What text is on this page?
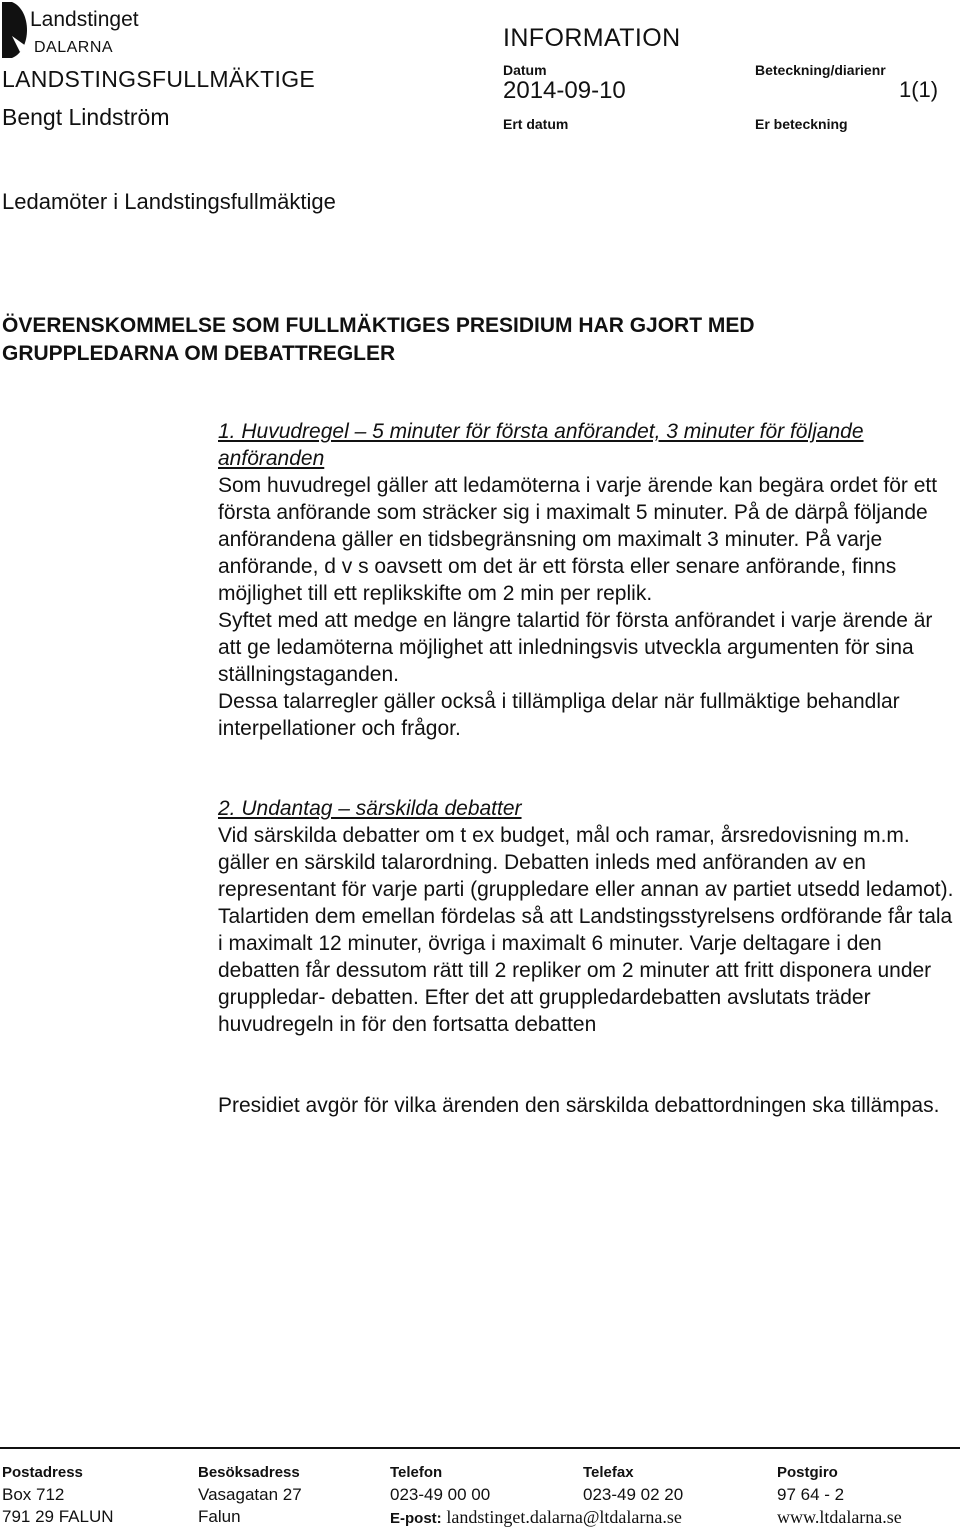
Landstinget
DALARNA
LANDSTINGSFULLMÄKTIGE
Bengt Lindström
INFORMATION
Datum
2014-09-10
Ert datum
Beteckning/diarienr
Er beteckning
1(1)
Ledamöter i Landstingsfullmäktige
ÖVERENSKOMMELSE SOM FULLMÄKTIGES PRESIDIUM HAR GJORT MED
GRUPPLEDARNA OM DEBATTREGLER

1. Huvudregel – 5 minuter för första anförandet, 3 minuter för följande anföranden

Som huvudregel gäller att ledamöterna i varje ärende kan begära ordet för ett första anförande som sträcker sig i maximalt 5 minuter. På de därpå följande anförandena gäller en tidsbegränsning om maximalt 3 minuter. På varje anförande, d v s oavsett om det är ett första eller senare anförande, finns möjlighet till ett replikskifte om 2 min per replik.

Syftet med att medge en längre talartid för första anförandet i varje ärende är att ge ledamöterna möjlighet att inledningsvis utveckla argumenten för sina ställningstaganden.

Dessa talarregler gäller också i tillämpliga delar när fullmäktige behandlar interpellationer och frågor.

2. Undantag – särskilda debatter

Vid särskilda debatter om t ex budget, mål och ramar, årsredovisning m.m. gäller en särskild talarordning. Debatten inleds med anföranden av en representant för varje parti (gruppledare eller annan av partiet utsedd ledamot). Talartiden dem emellan fördelas så att Landstingsstyrelsens ordförande får tala i maximalt 12 minuter, övriga i maximalt 6 minuter. Varje deltagare i den debatten får dessutom rätt till 2 repliker om 2 minuter att fritt disponera under gruppledar- debatten. Efter det att gruppledardebatten avslutats träder huvudregeln in för den fortsatta debatten

Presidiet avgör för vilka ärenden den särskilda debattordningen ska tillämpas.

Postadress
Box 712
791 29 FALUN
Besöksadress
Vasagatan 27
Falun
Telefon
023-49 00 00
E-post: landstinget.dalarna@ltdalarna.se
Telefax
023-49 02 20
Postgiro
97 64 - 2
www.ltdalarna.se
